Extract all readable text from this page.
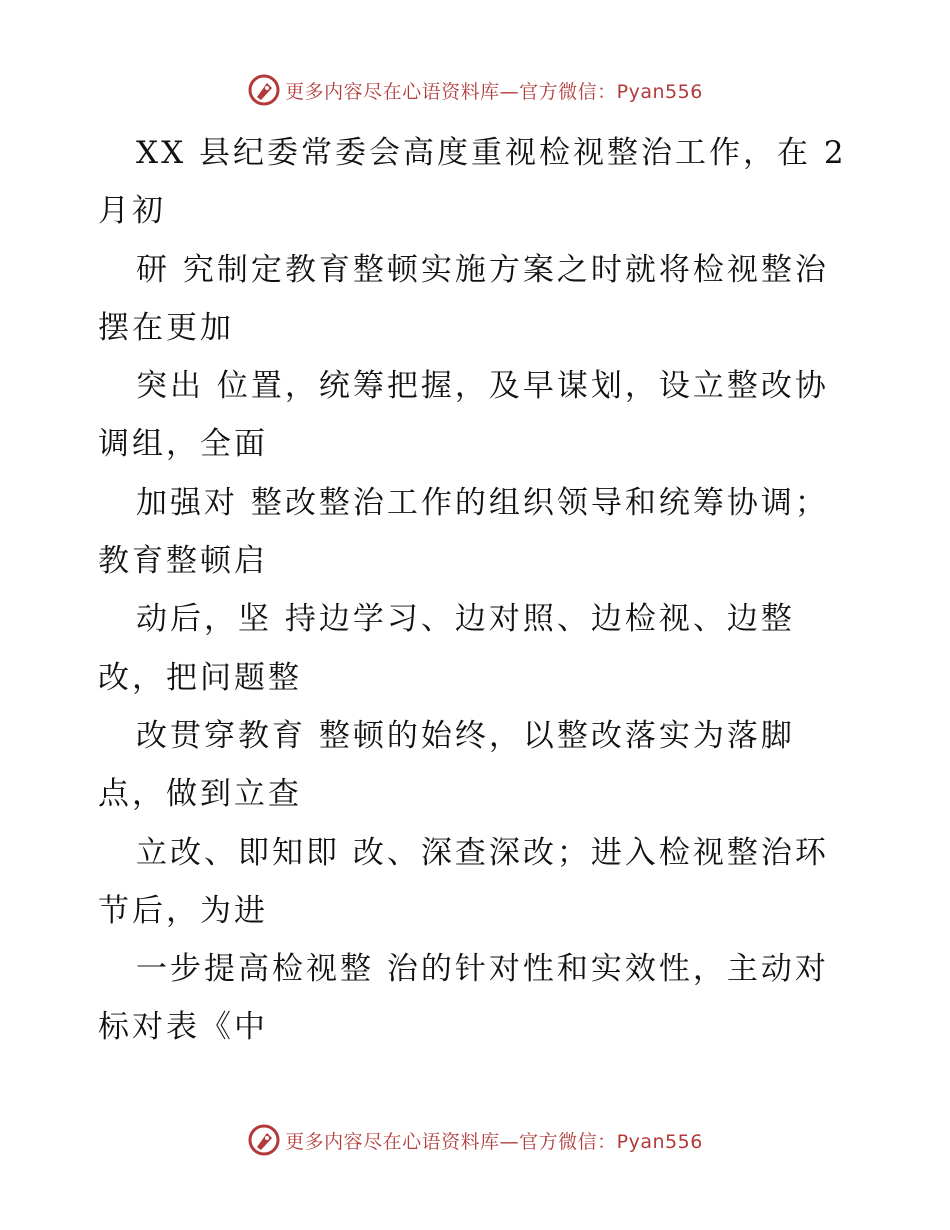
更多内容尽在心语资料库—官方微信：Pyan556
XX 县纪委常委会高度重视检视整治工作，在 2
月初
研 究制定教育整顿实施方案之时就将检视整治
摆在更加
突出 位置，统筹把握，及早谋划，设立整改协
调组，全面
加强对 整改整治工作的组织领导和统筹协调；
教育整顿启
动后，坚 持边学习、边对照、边检视、边整
改，把问题整
改贯穿教育 整顿的始终，以整改落实为落脚
点，做到立查
立改、即知即 改、深查深改；进入检视整治环
节后，为进
一步提高检视整 治的针对性和实效性，主动对
标对表《中
更多内容尽在心语资料库—官方微信：Pyan556
